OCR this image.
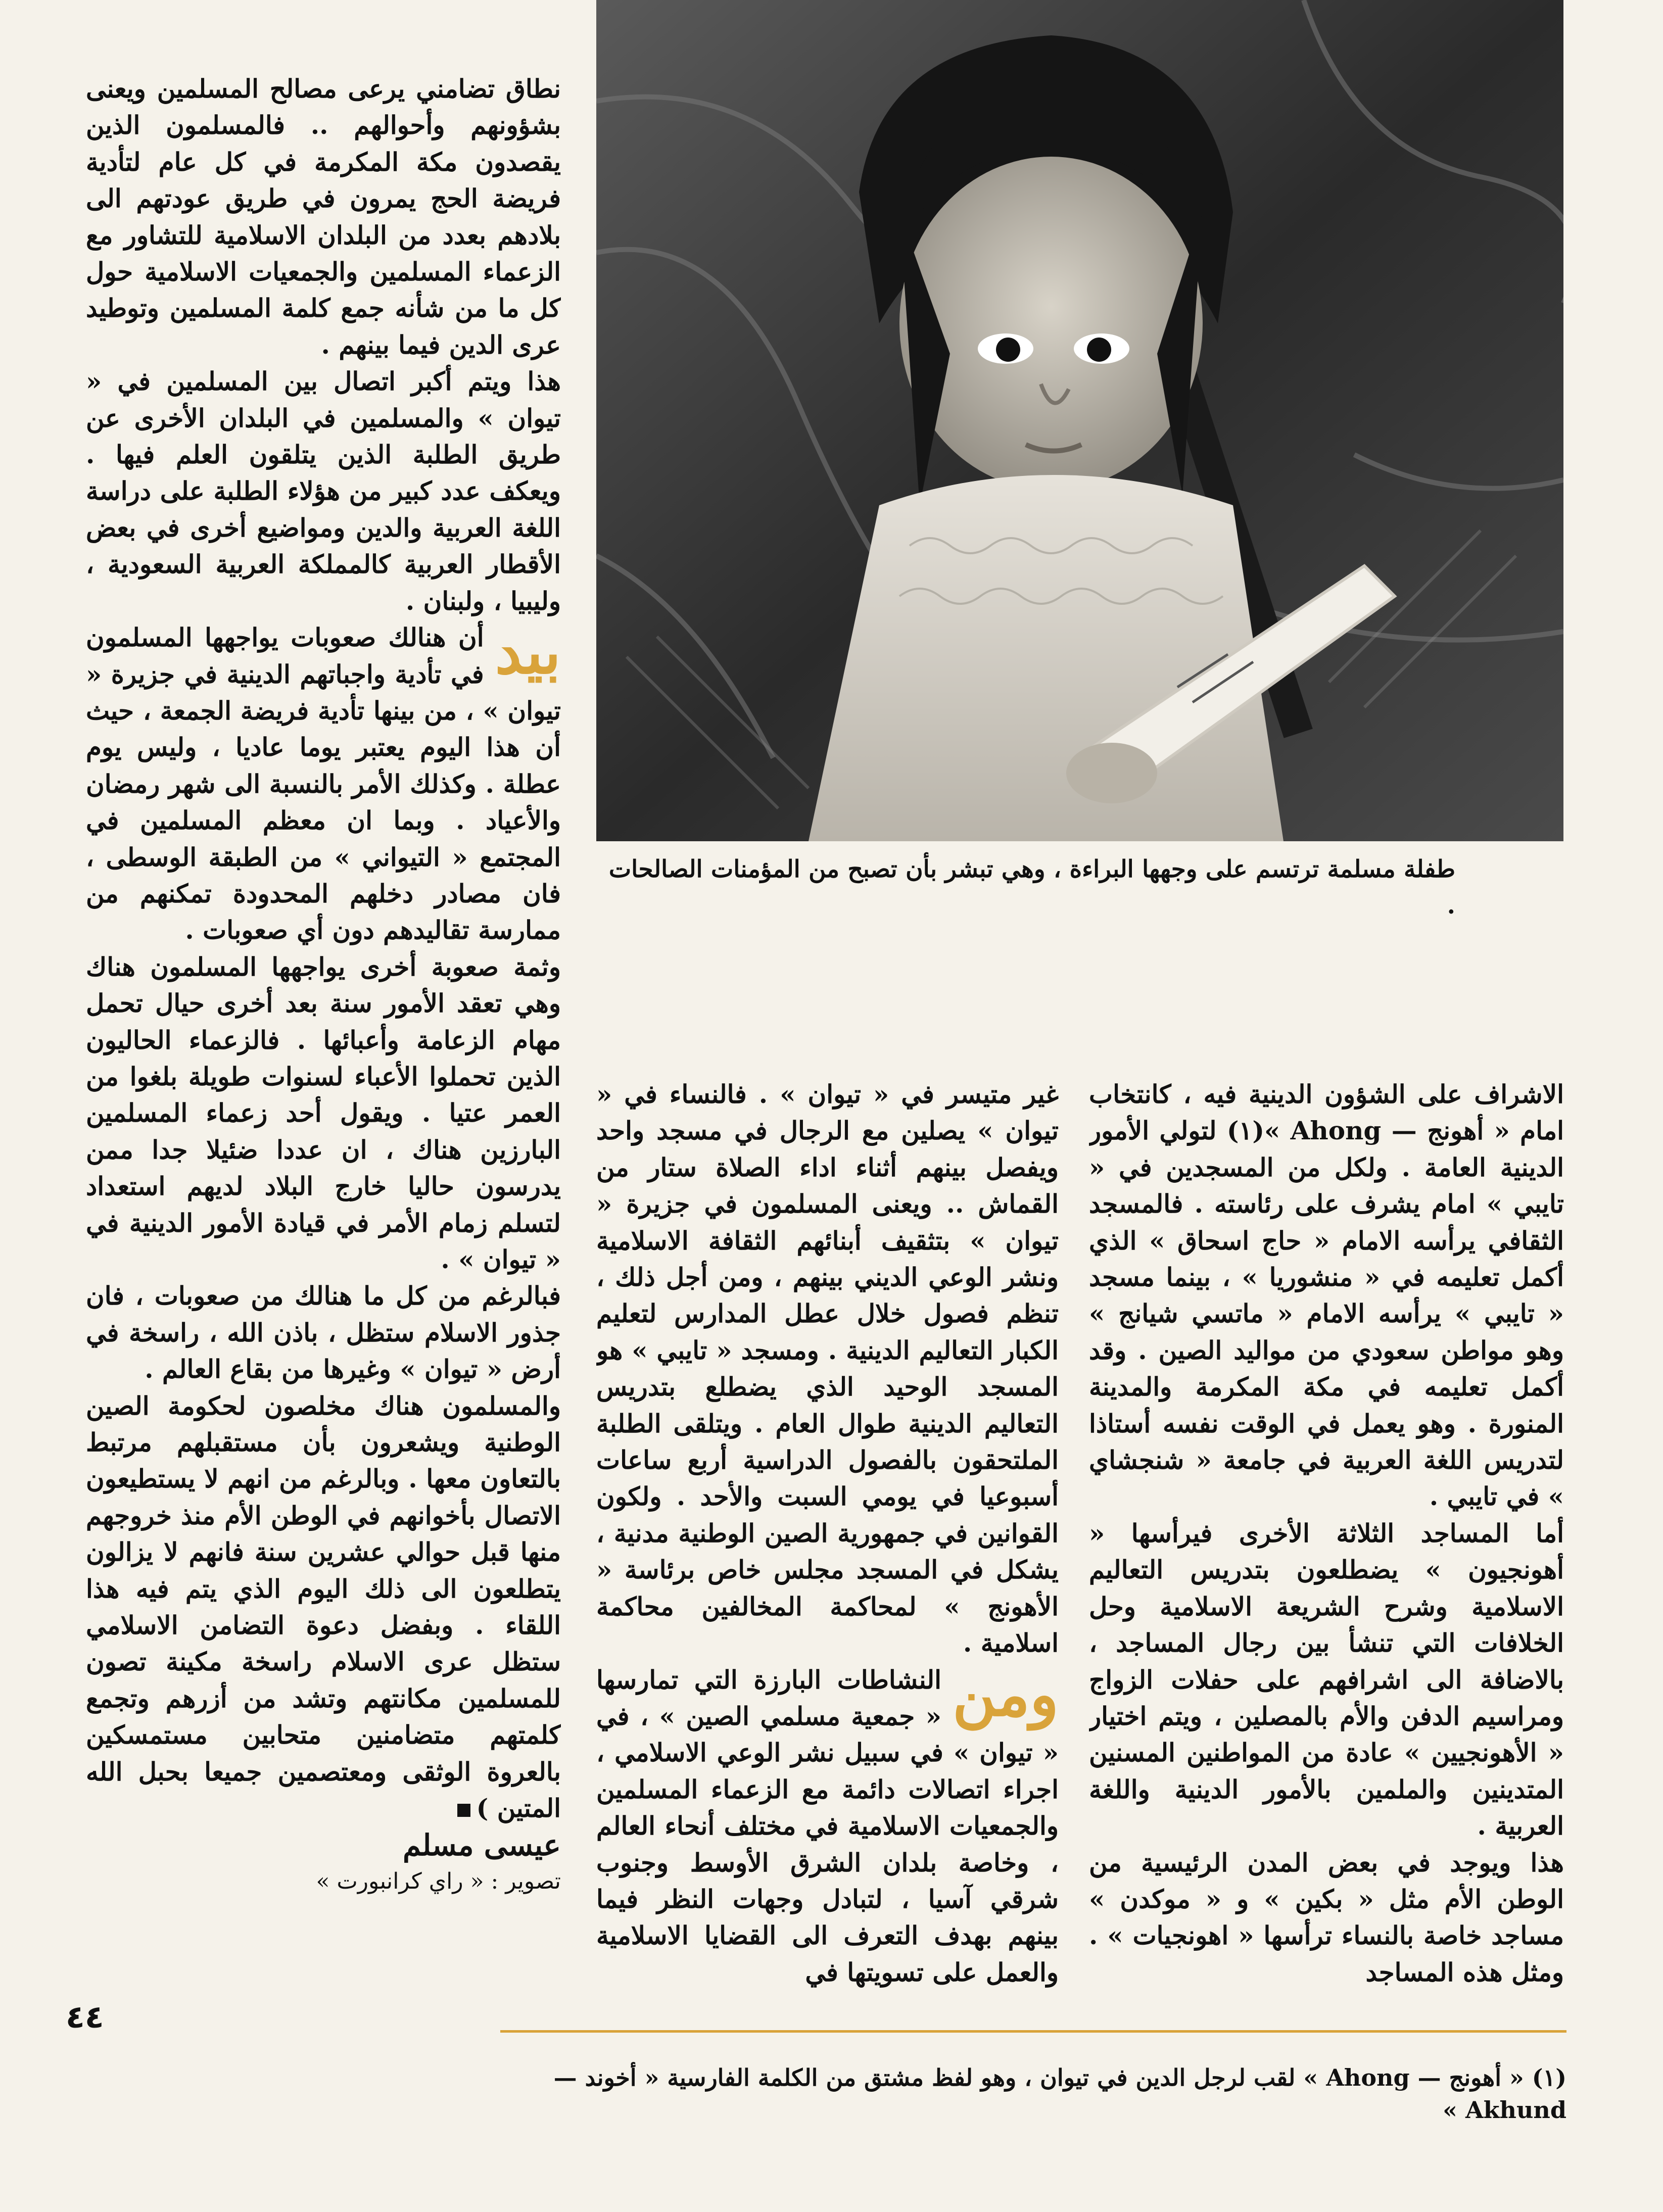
طفلة مسلمة ترتسم على وجهها البراءة ، وهي تبشر بأن تصبح من المؤمنات الصالحات .

الاشراف على الشؤون الدينية فيه ، كانتخاب امام « أهونج — Ahong »(١) لتولي الأمور الدينية العامة . ولكل من المسجدين في « تايبي » امام يشرف على رئاسته . فالمسجد الثقافي يرأسه الامام « حاج اسحاق » الذي أكمل تعليمه في « منشوريا » ، بينما مسجد « تايبي » يرأسه الامام « ماتسي شيانج » وهو مواطن سعودي من مواليد الصين . وقد أكمل تعليمه في مكة المكرمة والمدينة المنورة . وهو يعمل في الوقت نفسه أستاذا لتدريس اللغة العربية في جامعة « شنجشاي » في تايبي .

أما المساجد الثلاثة الأخرى فيرأسها « أهونجيون » يضطلعون بتدريس التعاليم الاسلامية وشرح الشريعة الاسلامية وحل الخلافات التي تنشأ بين رجال المساجد ، بالاضافة الى اشرافهم على حفلات الزواج ومراسيم الدفن والأم بالمصلين ، ويتم اختيار « الأهونجيين » عادة من المواطنين المسنين المتدينين والملمين بالأمور الدينية واللغة العربية .

هذا ويوجد في بعض المدن الرئيسية من الوطن الأم مثل « بكين » و « موكدن » مساجد خاصة بالنساء ترأسها « اهونجيات » . ومثل هذه المساجد

غير متيسر في « تيوان » . فالنساء في « تيوان » يصلين مع الرجال في مسجد واحد ويفصل بينهم أثناء اداء الصلاة ستار من القماش .. ويعنى المسلمون في جزيرة « تيوان » بتثقيف أبنائهم الثقافة الاسلامية ونشر الوعي الديني بينهم ، ومن أجل ذلك ، تنظم فصول خلال عطل المدارس لتعليم الكبار التعاليم الدينية . ومسجد « تايبي » هو المسجد الوحيد الذي يضطلع بتدريس التعاليم الدينية طوال العام . ويتلقى الطلبة الملتحقون بالفصول الدراسية أربع ساعات أسبوعيا في يومي السبت والأحد . ولكون القوانين في جمهورية الصين الوطنية مدنية ، يشكل في المسجد مجلس خاص برئاسة « الأهونج » لمحاكمة المخالفين محاكمة اسلامية .

ومن
النشاطات البارزة التي تمارسها « جمعية مسلمي الصين » ، في « تيوان » في سبيل نشر الوعي الاسلامي ، اجراء اتصالات دائمة مع الزعماء المسلمين والجمعيات الاسلامية في مختلف أنحاء العالم ، وخاصة بلدان الشرق الأوسط وجنوب شرقي آسيا ، لتبادل وجهات النظر فيما بينهم بهدف التعرف الى القضايا الاسلامية والعمل على تسويتها في

نطاق تضامني يرعى مصالح المسلمين ويعنى بشؤونهم وأحوالهم .. فالمسلمون الذين يقصدون مكة المكرمة في كل عام لتأدية فريضة الحج يمرون في طريق عودتهم الى بلادهم بعدد من البلدان الاسلامية للتشاور مع الزعماء المسلمين والجمعيات الاسلامية حول كل ما من شأنه جمع كلمة المسلمين وتوطيد عرى الدين فيما بينهم .

هذا ويتم أكبر اتصال بين المسلمين في « تيوان » والمسلمين في البلدان الأخرى عن طريق الطلبة الذين يتلقون العلم فيها . ويعكف عدد كبير من هؤلاء الطلبة على دراسة اللغة العربية والدين ومواضيع أخرى في بعض الأقطار العربية كالمملكة العربية السعودية ، وليبيا ، ولبنان .

بيد
أن هنالك صعوبات يواجهها المسلمون في تأدية واجباتهم الدينية في جزيرة « تيوان » ، من بينها تأدية فريضة الجمعة ، حيث أن هذا اليوم يعتبر يوما عاديا ، وليس يوم عطلة . وكذلك الأمر بالنسبة الى شهر رمضان والأعياد . وبما ان معظم المسلمين في المجتمع « التيواني » من الطبقة الوسطى ، فان مصادر دخلهم المحدودة تمكنهم من ممارسة تقاليدهم دون أي صعوبات .

وثمة صعوبة أخرى يواجهها المسلمون هناك وهي تعقد الأمور سنة بعد أخرى حيال تحمل مهام الزعامة وأعبائها . فالزعماء الحاليون الذين تحملوا الأعباء لسنوات طويلة بلغوا من العمر عتيا . ويقول أحد زعماء المسلمين البارزين هناك ، ان عددا ضئيلا جدا ممن يدرسون حاليا خارج البلاد لديهم استعداد لتسلم زمام الأمر في قيادة الأمور الدينية في « تيوان » .

فبالرغم من كل ما هنالك من صعوبات ، فان جذور الاسلام ستظل ، باذن الله ، راسخة في أرض « تيوان » وغيرها من بقاع العالم .

والمسلمون هناك مخلصون لحكومة الصين الوطنية ويشعرون بأن مستقبلهم مرتبط بالتعاون معها . وبالرغم من انهم لا يستطيعون الاتصال بأخوانهم في الوطن الأم منذ خروجهم منها قبل حوالي عشرين سنة فانهم لا يزالون يتطلعون الى ذلك اليوم الذي يتم فيه هذا اللقاء . وبفضل دعوة التضامن الاسلامي ستظل عرى الاسلام راسخة مكينة تصون للمسلمين مكانتهم وتشد من أزرهم وتجمع كلمتهم متضامنين متحابين مستمسكين بالعروة الوثقى ومعتصمين جميعا بحبل الله المتين )

عيسى مسلم

تصوير : « راي كرانبورت »

٤٤
(١) « أهونج — Ahong » لقب لرجل الدين في تيوان ، وهو لفظ مشتق من الكلمة الفارسية « أخوند — Akhund »
